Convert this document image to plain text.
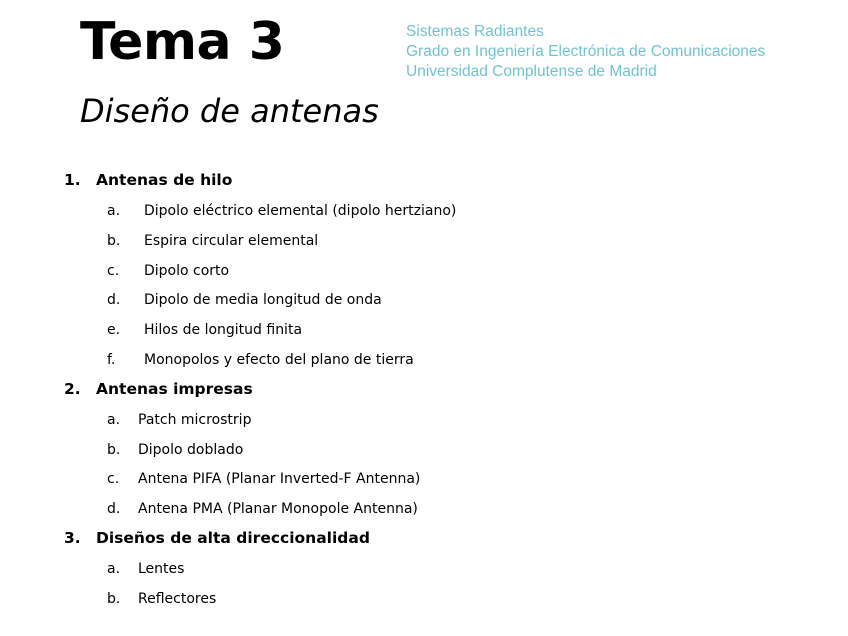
Tema 3
Diseño de antenas
Sistemas Radiantes
Grado en Ingeniería Electrónica de Comunicaciones
Universidad Complutense de Madrid
1. Antenas de hilo
a. Dipolo eléctrico elemental (dipolo hertziano)
b. Espira circular elemental
c. Dipolo corto
d. Dipolo de media longitud de onda
e. Hilos de longitud finita
f. Monopolos y efecto del plano de tierra
2. Antenas impresas
a. Patch microstrip
b. Dipolo doblado
c. Antena PIFA (Planar Inverted-F Antenna)
d. Antena PMA (Planar Monopole Antenna)
3. Diseños de alta direccionalidad
a. Lentes
b. Reflectores
